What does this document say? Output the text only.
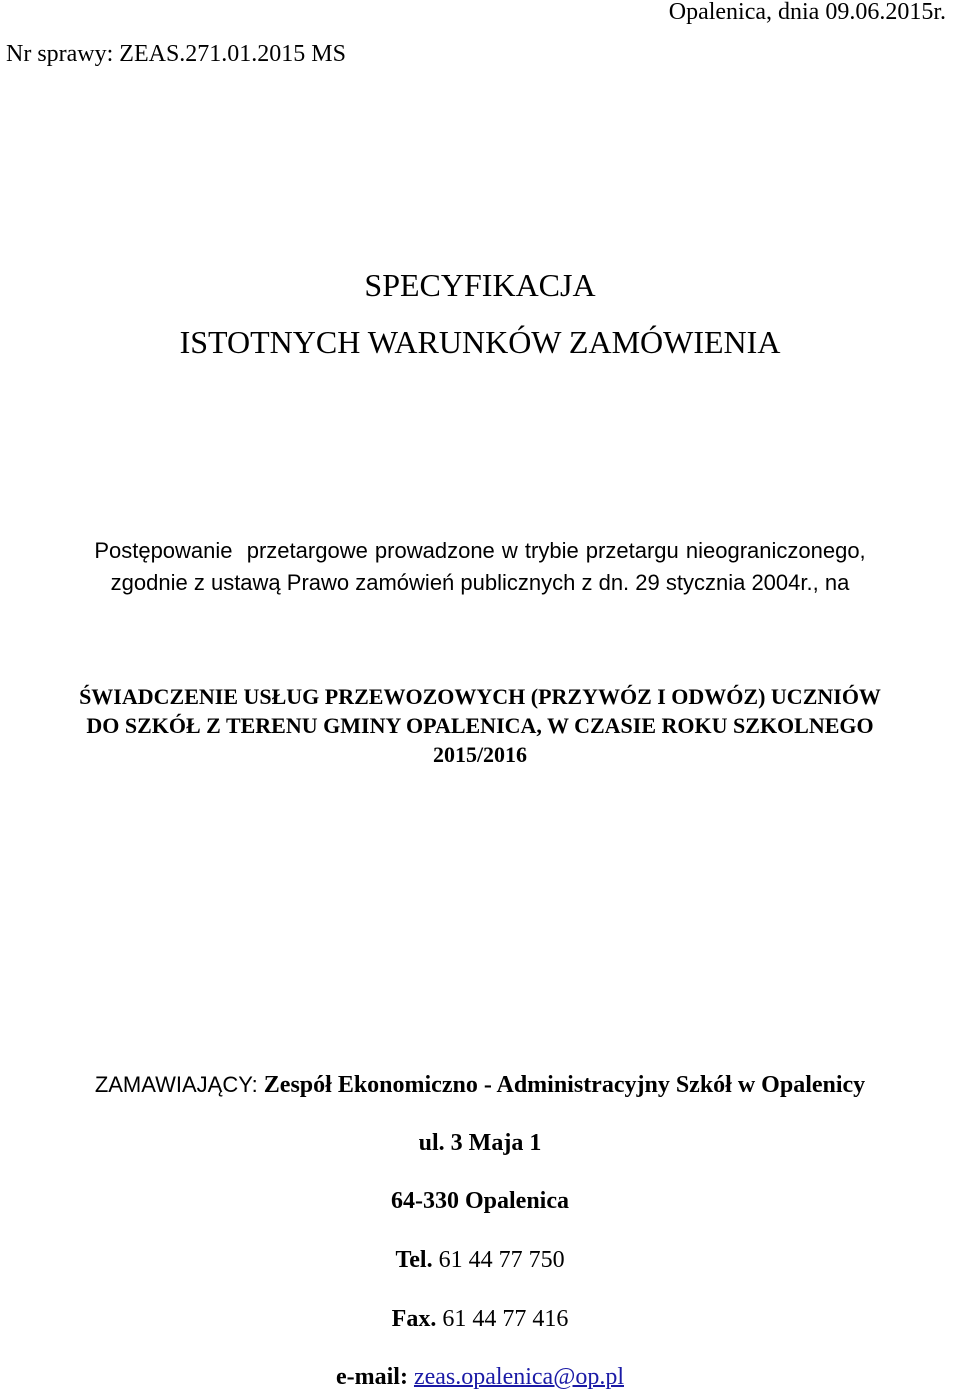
Nr sprawy: ZEAS.271.01.2015 MS
Opalenica, dnia 09.06.2015r.
SPECYFIKACJA
ISTOTNYCH WARUNKÓW ZAMÓWIENIA
Postępowanie  przetargowe prowadzone w trybie przetargu nieograniczonego,
zgodnie z ustawą Prawo zamówień publicznych z dn. 29 stycznia 2004r., na
ŚWIADCZENIE USŁUG PRZEWOZOWYCH (PRZYWÓZ I ODWÓZ) UCZNIÓW
DO SZKÓŁ Z TERENU GMINY OPALENICA, W CZASIE ROKU SZKOLNEGO
2015/2016
ZAMAWIAJĄCY: Zespół Ekonomiczno - Administracyjny Szkół w Opalenicy
ul. 3 Maja 1
64-330 Opalenica
Tel. 61 44 77 750
Fax. 61 44 77 416
e-mail: zeas.opalenica@op.pl
